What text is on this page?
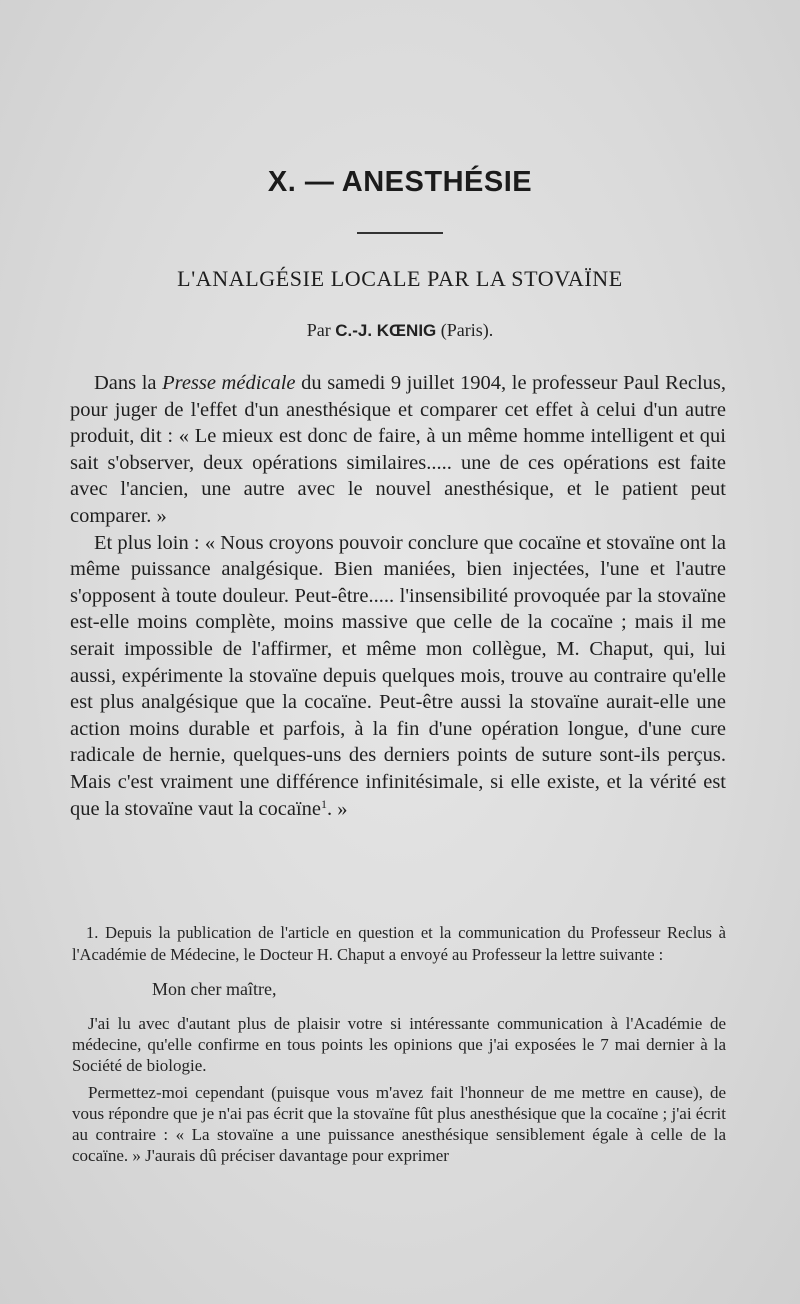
X. — ANESTHÉSIE
L'ANALGÉSIE LOCALE PAR LA STOVAÏNE
Par C.-J. KŒNIG (Paris).

Dans la Presse médicale du samedi 9 juillet 1904, le professeur Paul Reclus, pour juger de l'effet d'un anesthésique et comparer cet effet à celui d'un autre produit, dit : « Le mieux est donc de faire, à un même homme intelligent et qui sait s'observer, deux opérations similaires..... une de ces opérations est faite avec l'ancien, une autre avec le nouvel anesthésique, et le patient peut comparer. »

Et plus loin : « Nous croyons pouvoir conclure que cocaïne et stovaïne ont la même puissance analgésique. Bien maniées, bien injectées, l'une et l'autre s'opposent à toute douleur. Peut-être..... l'insensibilité provoquée par la stovaïne est-elle moins complète, moins massive que celle de la cocaïne ; mais il me serait impossible de l'affirmer, et même mon collègue, M. Chaput, qui, lui aussi, expérimente la stovaïne depuis quelques mois, trouve au contraire qu'elle est plus analgésique que la cocaïne. Peut-être aussi la stovaïne aurait-elle une action moins durable et parfois, à la fin d'une opération longue, d'une cure radicale de hernie, quelques-uns des derniers points de suture sont-ils perçus. Mais c'est vraiment une différence infinitésimale, si elle existe, et la vérité est que la stovaïne vaut la cocaïne$^1$. »

1. Depuis la publication de l'article en question et la communication du Professeur Reclus à l'Académie de Médecine, le Docteur H. Chaput a envoyé au Professeur la lettre suivante :

Mon cher maître,

J'ai lu avec d'autant plus de plaisir votre si intéressante communication à l'Académie de médecine, qu'elle confirme en tous points les opinions que j'ai exposées le 7 mai dernier à la Société de biologie.

Permettez-moi cependant (puisque vous m'avez fait l'honneur de me mettre en cause), de vous répondre que je n'ai pas écrit que la stovaïne fût plus anesthésique que la cocaïne ; j'ai écrit au contraire : « La stovaïne a une puissance anesthésique sensiblement égale à celle de la cocaïne. » J'aurais dû préciser davantage pour exprimer
